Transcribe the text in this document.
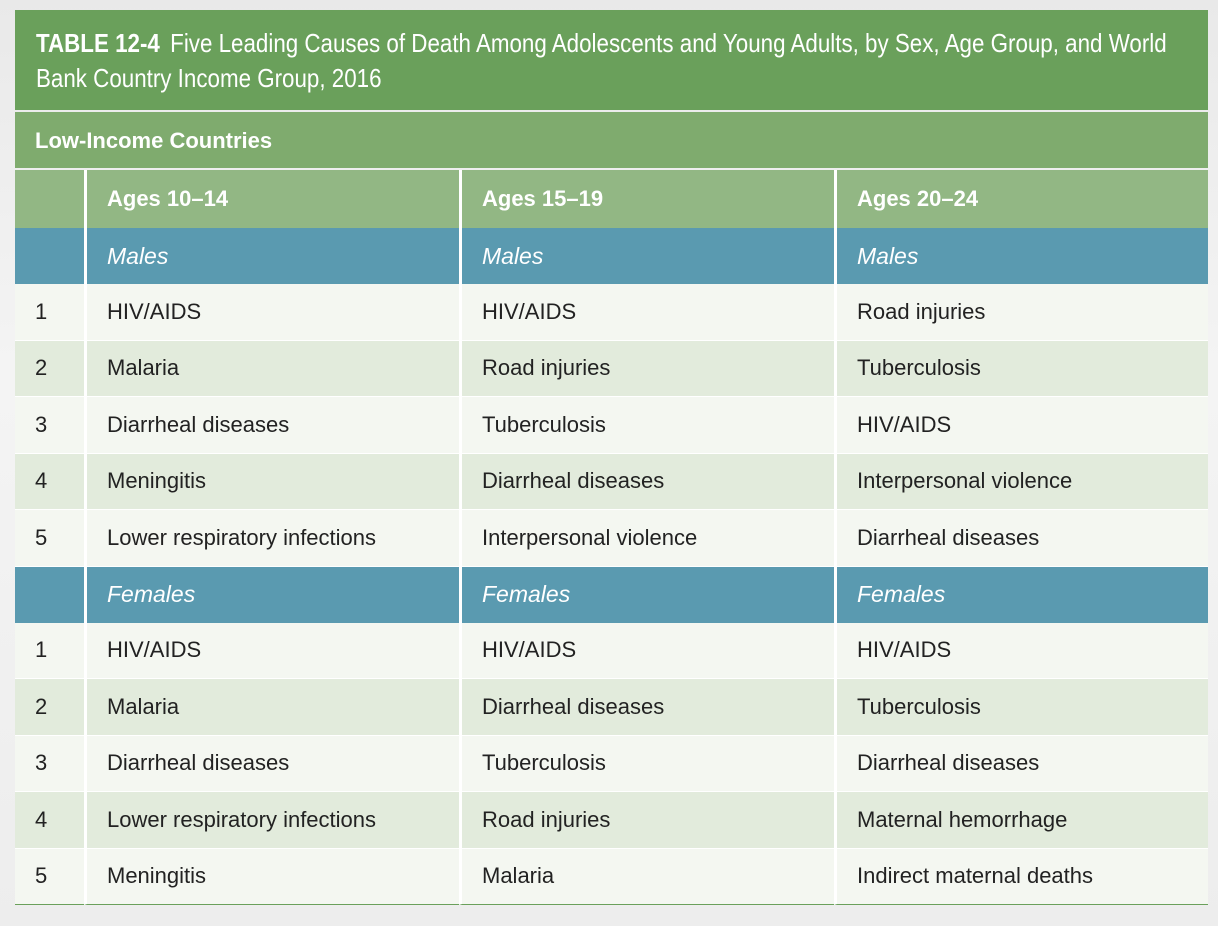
TABLE 12-4 Five Leading Causes of Death Among Adolescents and Young Adults, by Sex, Age Group, and World Bank Country Income Group, 2016
Low-Income Countries
	Ages 10–14	Ages 15–19	Ages 20–24
	Males	Males	Males
1	HIV/AIDS	HIV/AIDS	Road injuries
2	Malaria	Road injuries	Tuberculosis
3	Diarrheal diseases	Tuberculosis	HIV/AIDS
4	Meningitis	Diarrheal diseases	Interpersonal violence
5	Lower respiratory infections	Interpersonal violence	Diarrheal diseases
	Females	Females	Females
1	HIV/AIDS	HIV/AIDS	HIV/AIDS
2	Malaria	Diarrheal diseases	Tuberculosis
3	Diarrheal diseases	Tuberculosis	Diarrheal diseases
4	Lower respiratory infections	Road injuries	Maternal hemorrhage
5	Meningitis	Malaria	Indirect maternal deaths
